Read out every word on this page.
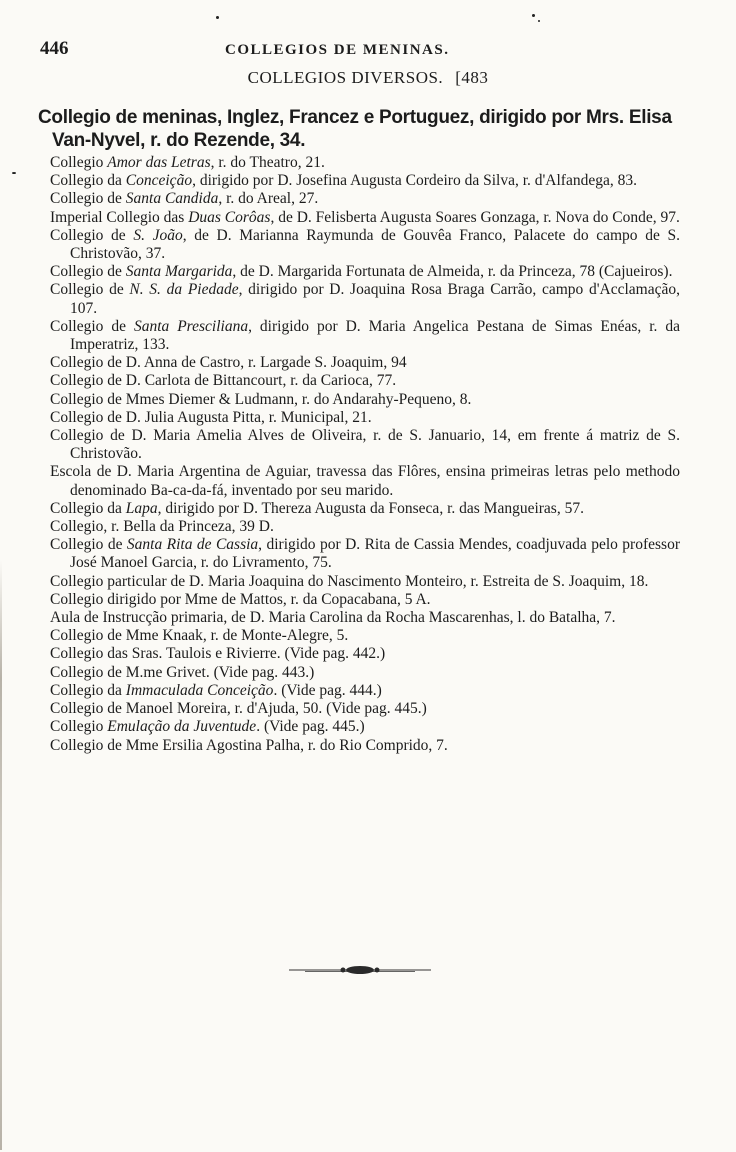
446	COLLEGIOS DE MENINAS.
COLLEGIOS DIVERSOS. [483
Collegio de meninas, Inglez, Francez e Portuguez, dirigido por Mrs. Elisa
Van-Nyvel, r. do Rezende, 34.

Collegio Amor das Letras, r. do Theatro, 21.

Collegio da Conceição, dirigido por D. Josefina Augusta Cordeiro da Silva, r. d'Alfandega, 83.

Collegio de Santa Candida, r. do Areal, 27.

Imperial Collegio das Duas Corôas, de D. Felisberta Augusta Soares Gonzaga, r. Nova do Conde, 97.

Collegio de S. João, de D. Marianna Raymunda de Gouvêa Franco, Palacete do campo de S. Christovão, 37.

Collegio de Santa Margarida, de D. Margarida Fortunata de Almeida, r. da Princeza, 78 (Cajueiros).

Collegio de N. S. da Piedade, dirigido por D. Joaquina Rosa Braga Carrão, campo d'Acclamação, 107.

Collegio de Santa Presciliana, dirigido por D. Maria Angelica Pestana de Simas Enéas, r. da Imperatriz, 133.

Collegio de D. Anna de Castro, r. Largade S. Joaquim, 94

Collegio de D. Carlota de Bittancourt, r. da Carioca, 77.

Collegio de Mmes Diemer & Ludmann, r. do Andarahy-Pequeno, 8.

Collegio de D. Julia Augusta Pitta, r. Municipal, 21.

Collegio de D. Maria Amelia Alves de Oliveira, r. de S. Januario, 14, em frente á matriz de S. Christovão.

Escola de D. Maria Argentina de Aguiar, travessa das Flôres, ensina primeiras letras pelo methodo denominado Ba-ca-da-fá, inventado por seu marido.

Collegio da Lapa, dirigido por D. Thereza Augusta da Fonseca, r. das Mangueiras, 57.

Collegio, r. Bella da Princeza, 39 D.

Collegio de Santa Rita de Cassia, dirigido por D. Rita de Cassia Mendes, coadjuvada pelo professor José Manoel Garcia, r. do Livramento, 75.

Collegio particular de D. Maria Joaquina do Nascimento Monteiro, r. Estreita de S. Joaquim, 18.

Collegio dirigido por Mme de Mattos, r. da Copacabana, 5 A.

Aula de Instrucção primaria, de D. Maria Carolina da Rocha Mascarenhas, l. do Batalha, 7.

Collegio de Mme Knaak, r. de Monte-Alegre, 5.

Collegio das Sras. Taulois e Rivierre. (Vide pag. 442.)

Collegio de M.me Grivet. (Vide pag. 443.)

Collegio da Immaculada Conceição. (Vide pag. 444.)

Collegio de Manoel Moreira, r. d'Ajuda, 50. (Vide pag. 445.)

Collegio Emulação da Juventude. (Vide pag. 445.)

Collegio de Mme Ersilia Agostina Palha, r. do Rio Comprido, 7.
